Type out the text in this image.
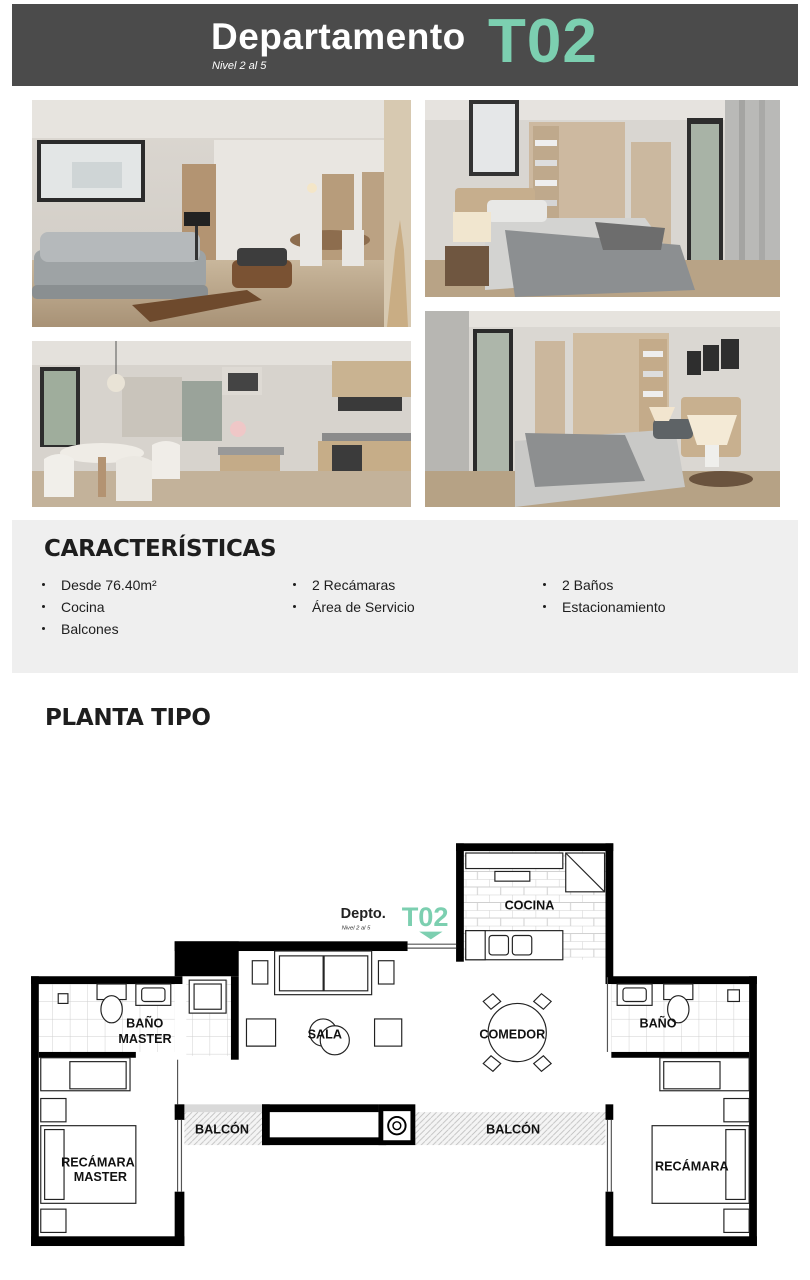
Departamento T02
Nivel 2 al 5
CARACTERÍSTICAS
Desde 76.40m²	2 Recámaras	2 Baños
Cocina	Área de Servicio	Estacionamiento
Balcones
PLANTA TIPO
COCINA
SALA	COMEDOR
BAÑO
MASTER
BAÑO
BALCÓN	BALCÓN
RECÁMARA
MASTER
RECÁMARA
Depto. T02
Nivel 2 al 5
